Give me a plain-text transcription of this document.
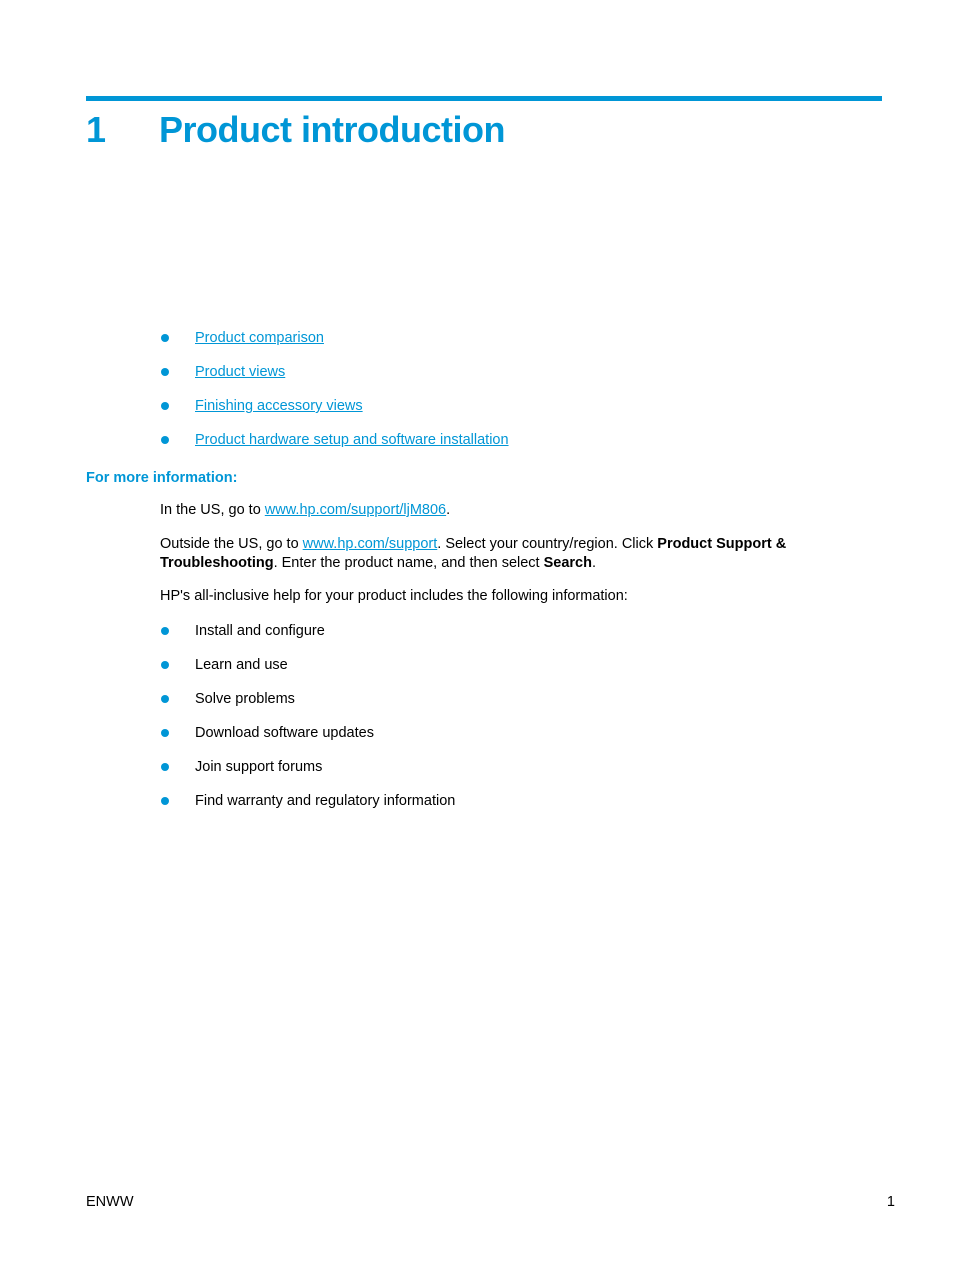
1 Product introduction
Product comparison
Product views
Finishing accessory views
Product hardware setup and software installation
For more information:

In the US, go to www.hp.com/support/ljM806.

Outside the US, go to www.hp.com/support. Select your country/region. Click Product Support & Troubleshooting. Enter the product name, and then select Search.

HP's all-inclusive help for your product includes the following information:

Install and configure
Learn and use
Solve problems
Download software updates
Join support forums
Find warranty and regulatory information
ENWW	1
